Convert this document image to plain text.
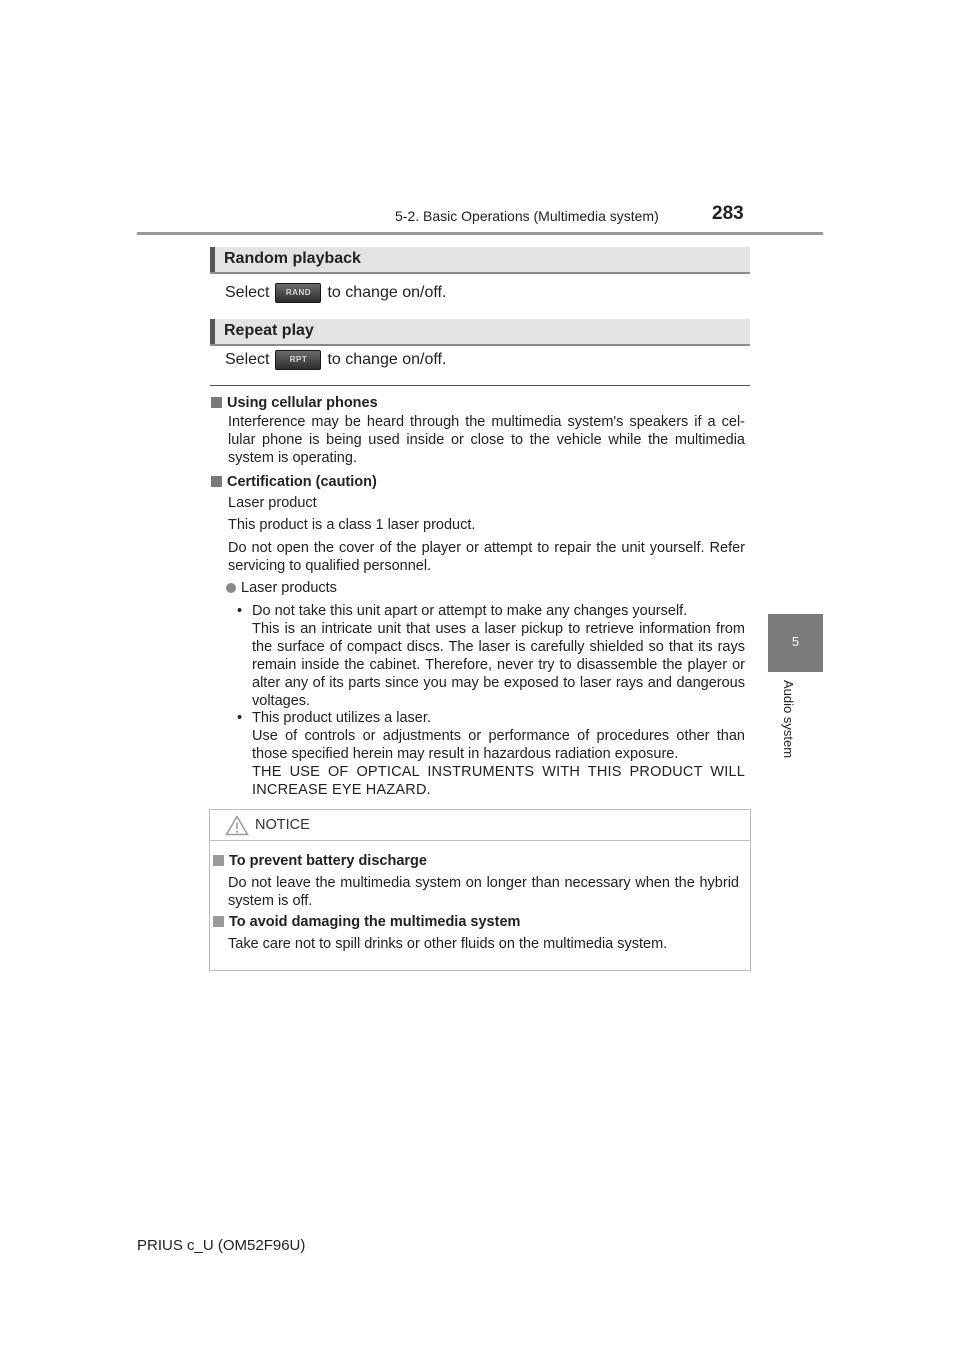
5-2. Basic Operations (Multimedia system)	283
5
Audio system
Random playback
Select	RAND	to change on/off.
Repeat play
Select	RPT	to change on/off.
Using cellular phones
Interference may be heard through the multimedia system's speakers if a cel-lular phone is being used inside or close to the vehicle while the multimedia system is operating.
Certification (caution)
Laser product
This product is a class 1 laser product.
Do not open the cover of the player or attempt to repair the unit yourself. Refer servicing to qualified personnel.
Laser products
• Do not take this unit apart or attempt to make any changes yourself.
This is an intricate unit that uses a laser pickup to retrieve information from the surface of compact discs. The laser is carefully shielded so that its rays remain inside the cabinet. Therefore, never try to disassemble the player or alter any of its parts since you may be exposed to laser rays and dangerous voltages.
• This product utilizes a laser.
Use of controls or adjustments or performance of procedures other than those specified herein may result in hazardous radiation exposure.
THE USE OF OPTICAL INSTRUMENTS WITH THIS PRODUCT WILL INCREASE EYE HAZARD.
NOTICE
To prevent battery discharge
Do not leave the multimedia system on longer than necessary when the hybrid system is off.
To avoid damaging the multimedia system
Take care not to spill drinks or other fluids on the multimedia system.
PRIUS c_U (OM52F96U)
